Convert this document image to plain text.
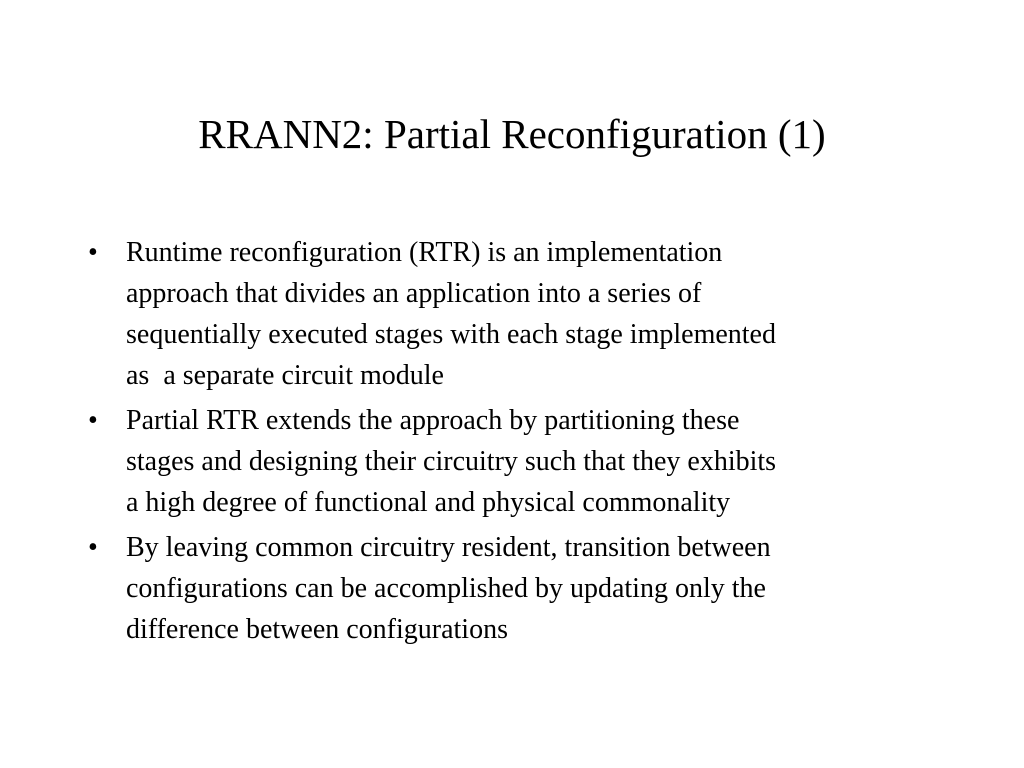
RRANN2: Partial Reconfiguration (1)
• Runtime reconfiguration (RTR) is an implementation
approach that divides an application into a series of
sequentially executed stages with each stage implemented
as  a separate circuit module
• Partial RTR extends the approach by partitioning these
stages and designing their circuitry such that they exhibits
a high degree of functional and physical commonality
• By leaving common circuitry resident, transition between
configurations can be accomplished by updating only the
difference between configurations
